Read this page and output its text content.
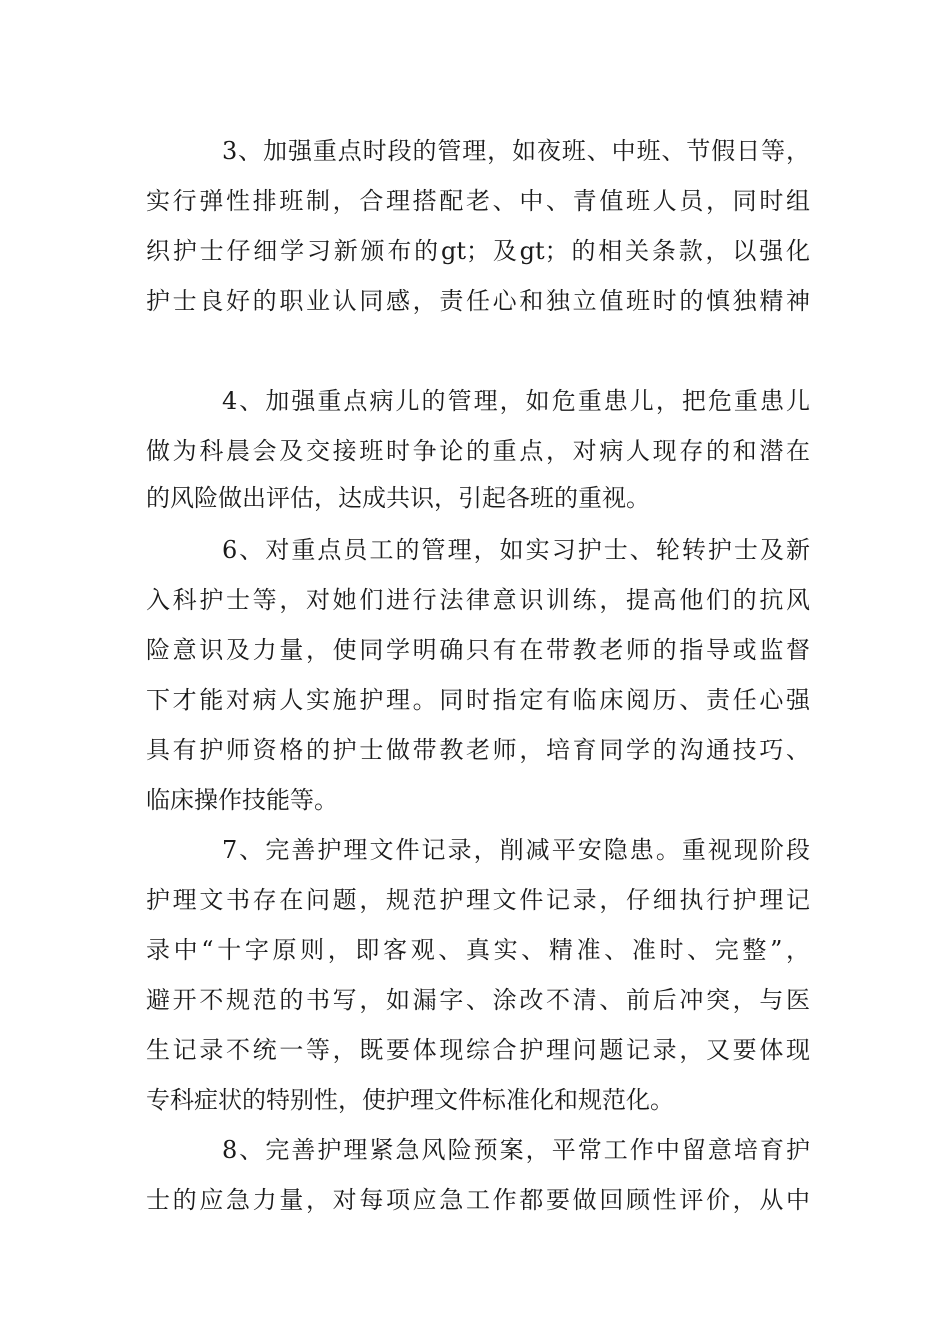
3、加强重点时段的管理，如夜班、中班、节假日等，

实行弹性排班制，合理搭配老、中、青值班人员，同时组

织护士仔细学习新颁布的gt；及gt；的相关条款，以强化

护士良好的职业认同感，责任心和独立值班时的慎独精神

4、加强重点病儿的管理，如危重患儿，把危重患儿

做为科晨会及交接班时争论的重点，对病人现存的和潜在

的风险做出评估，达成共识，引起各班的重视。

6、对重点员工的管理，如实习护士、轮转护士及新

入科护士等，对她们进行法律意识训练，提高他们的抗风

险意识及力量，使同学明确只有在带教老师的指导或监督

下才能对病人实施护理。同时指定有临床阅历、责任心强

具有护师资格的护士做带教老师，培育同学的沟通技巧、

临床操作技能等。

7、完善护理文件记录，削减平安隐患。重视现阶段

护理文书存在问题，规范护理文件记录，仔细执行护理记

录中“十字原则，即客观、真实、精准、准时、完整”，

避开不规范的书写，如漏字、涂改不清、前后冲突，与医

生记录不统一等，既要体现综合护理问题记录，又要体现

专科症状的特别性，使护理文件标准化和规范化。

8、完善护理紧急风险预案，平常工作中留意培育护

士的应急力量，对每项应急工作都要做回顾性评价，从中
